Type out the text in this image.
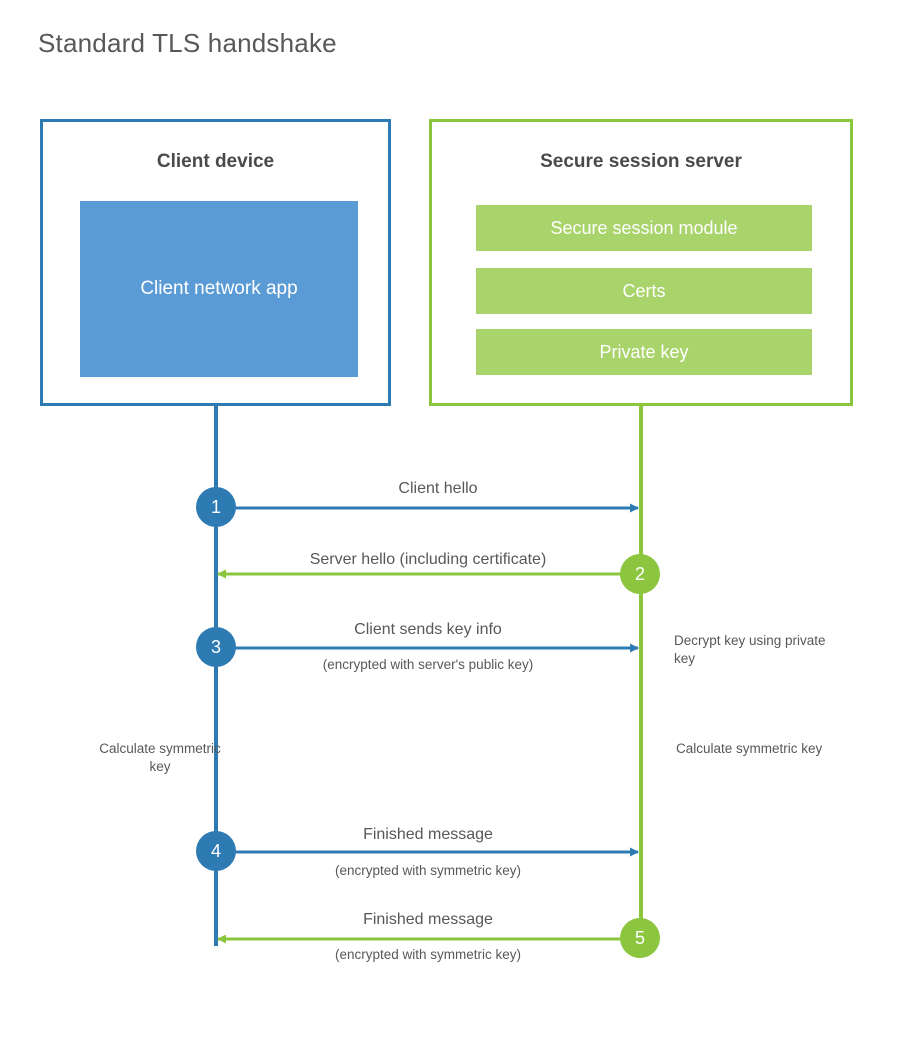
Standard TLS handshake
Client device
Client network app
Secure session server
Secure session module
Certs
Private key
1
2
3
4
5
Client hello
Server hello (including certificate)
Client sends key info
(encrypted with server's public key)
Finished message
(encrypted with symmetric key)
Finished message
(encrypted with symmetric key)
Decrypt key using private key
Calculate symmetric key
Calculate symmetric key
